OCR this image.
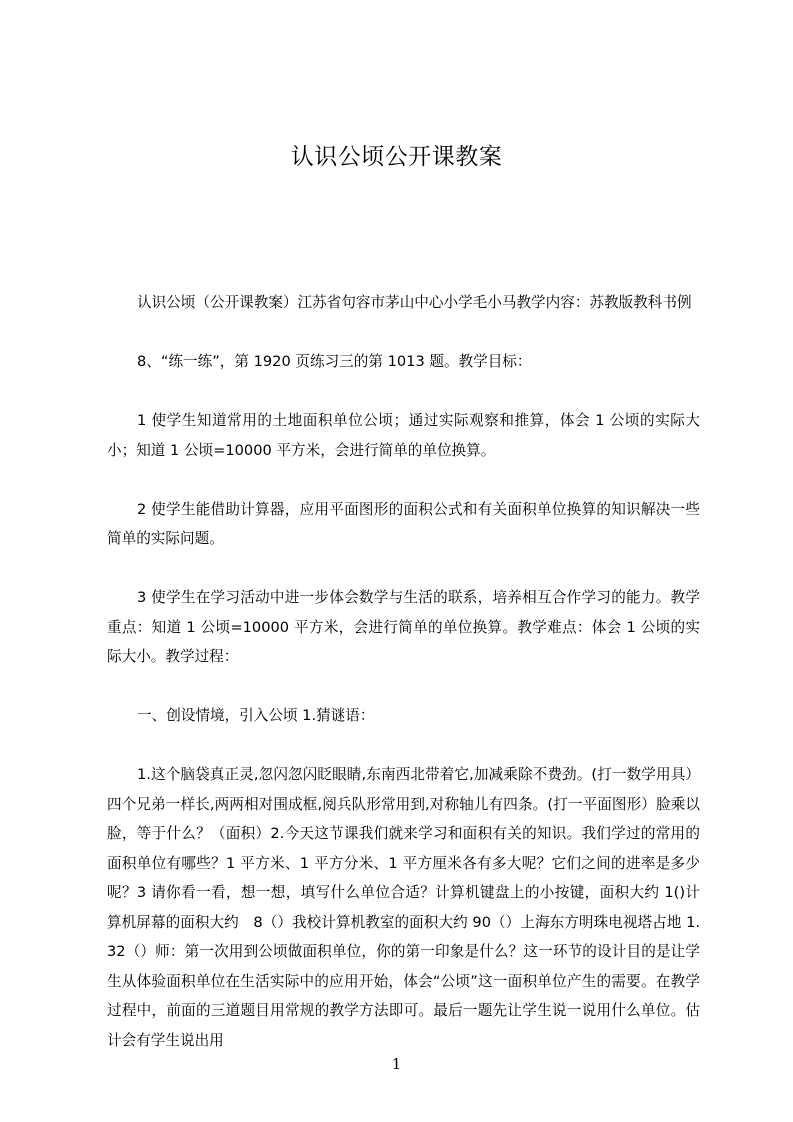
认识公顷公开课教案

认识公顷（公开课教案）江苏省句容市茅山中心小学毛小马教学内容：苏教版教科书例

8、“练一练”，第 1920 页练习三的第 1013 题。教学目标：

1 使学生知道常用的土地面积单位公顷；通过实际观察和推算，体会 1 公顷的实际大小；知道 1 公顷=10000 平方米，会进行简单的单位换算。

2 使学生能借助计算器，应用平面图形的面积公式和有关面积单位换算的知识解决一些简单的实际问题。

3 使学生在学习活动中进一步体会数学与生活的联系，培养相互合作学习的能力。教学重点：知道 1 公顷=10000 平方米，会进行简单的单位换算。教学难点：体会 1 公顷的实际大小。教学过程：

一、创设情境，引入公顷 1.猜谜语：

1.这个脑袋真正灵,忽闪忽闪眨眼睛,东南西北带着它,加减乘除不费劲。(打一数学用具）四个兄弟一样长,两两相对围成框,阅兵队形常用到,对称轴儿有四条。(打一平面图形）脸乘以脸，等于什么？（面积）2.今天这节课我们就来学习和面积有关的知识。我们学过的常用的面积单位有哪些？1 平方米、1 平方分米、1 平方厘米各有多大呢？它们之间的进率是多少呢？3 请你看一看，想一想，填写什么单位合适？计算机键盘上的小按键，面积大约 1()计算机屏幕的面积大约　8（）我校计算机教室的面积大约 90（）上海东方明珠电视塔占地 1.32（）师：第一次用到公顷做面积单位，你的第一印象是什么？这一环节的设计目的是让学生从体验面积单位在生活实际中的应用开始，体会“公顷”这一面积单位产生的需要。在教学过程中，前面的三道题目用常规的教学方法即可。最后一题先让学生说一说用什么单位。估计会有学生说出用

1
